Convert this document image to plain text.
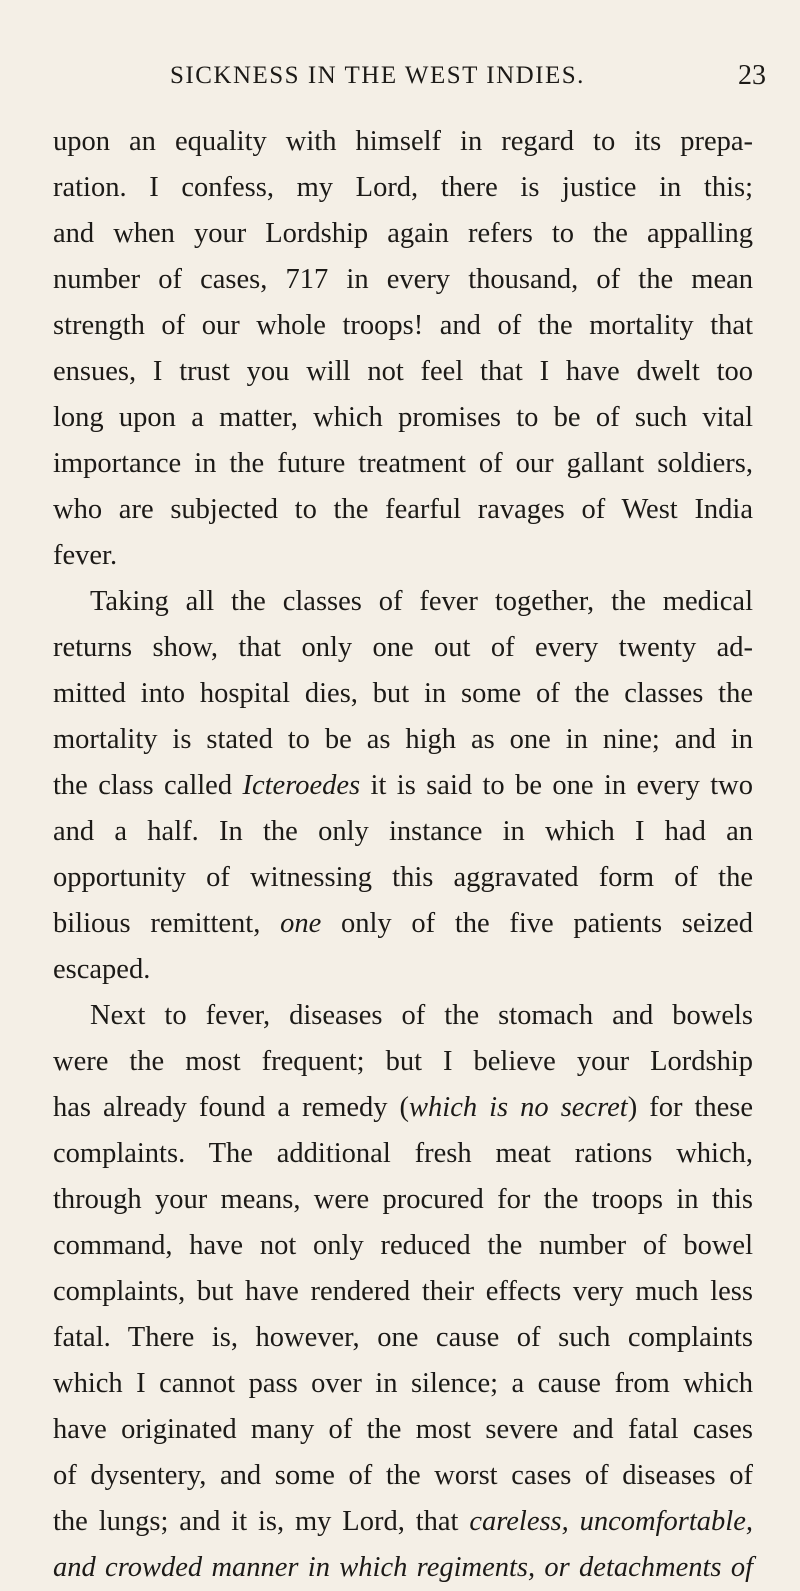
SICKNESS IN THE WEST INDIES.	23
upon an equality with himself in regard to its prepa-
ration. I confess, my Lord, there is justice in this;
and when your Lordship again refers to the appalling
number of cases, 717 in every thousand, of the mean
strength of our whole troops! and of the mortality that
ensues, I trust you will not feel that I have dwelt too
long upon a matter, which promises to be of such vital
importance in the future treatment of our gallant soldiers,
who are subjected to the fearful ravages of West India
fever.
Taking all the classes of fever together, the medical
returns show, that only one out of every twenty ad-
mitted into hospital dies, but in some of the classes the
mortality is stated to be as high as one in nine; and in
the class called Icteroedes it is said to be one in every two
and a half. In the only instance in which I had an
opportunity of witnessing this aggravated form of the
bilious remittent, one only of the five patients seized
escaped.
Next to fever, diseases of the stomach and bowels
were the most frequent; but I believe your Lordship
has already found a remedy (which is no secret) for these
complaints. The additional fresh meat rations which,
through your means, were procured for the troops in this
command, have not only reduced the number of bowel
complaints, but have rendered their effects very much less
fatal. There is, however, one cause of such complaints
which I cannot pass over in silence; a cause from which
have originated many of the most severe and fatal cases
of dysentery, and some of the worst cases of diseases of
the lungs; and it is, my Lord, that careless, uncomfortable,
and crowded manner in which regiments, or detachments of
